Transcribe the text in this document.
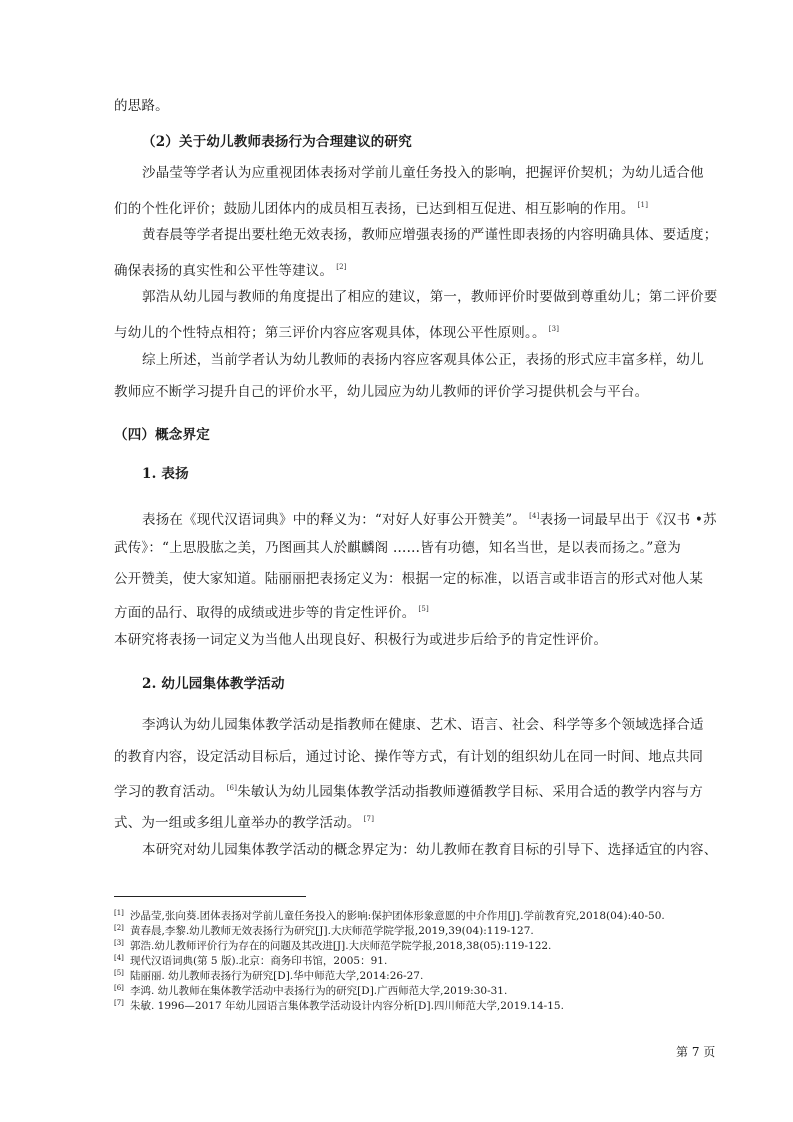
的思路。
（2）关于幼儿教师表扬行为合理建议的研究
沙晶莹等学者认为应重视团体表扬对学前儿童任务投入的影响，把握评价契机；为幼儿适合他
们的个性化评价；鼓励儿团体内的成员相互表扬，已达到相互促进、相互影响的作用。 [1]
黄春晨等学者提出要杜绝无效表扬，教师应增强表扬的严谨性即表扬的内容明确具体、要适度；
确保表扬的真实性和公平性等建议。 [2]
郭浩从幼儿园与教师的角度提出了相应的建议，第一，教师评价时要做到尊重幼儿；第二评价要
与幼儿的个性特点相符；第三评价内容应客观具体，体现公平性原则。。 [3]
综上所述，当前学者认为幼儿教师的表扬内容应客观具体公正，表扬的形式应丰富多样，幼儿
教师应不断学习提升自己的评价水平，幼儿园应为幼儿教师的评价学习提供机会与平台。
（四）概念界定
1. 表扬
表扬在《现代汉语词典》中的释义为：“对好人好事公开赞美”。 [4]表扬一词最早出于《汉书 •苏
武传》：“上思股肱之美，乃图画其人於麒麟阁 ……皆有功德，知名当世，是以表而扬之。”意为
公开赞美，使大家知道。陆丽丽把表扬定义为：根据一定的标准，以语言或非语言的形式对他人某
方面的品行、取得的成绩或进步等的肯定性评价。 [5]
本研究将表扬一词定义为当他人出现良好、积极行为或进步后给予的肯定性评价。
2. 幼儿园集体教学活动
李鸿认为幼儿园集体教学活动是指教师在健康、艺术、语言、社会、科学等多个领域选择合适
的教育内容，设定活动目标后，通过讨论、操作等方式，有计划的组织幼儿在同一时间、地点共同
学习的教育活动。 [6]朱敏认为幼儿园集体教学活动指教师遵循教学目标、采用合适的教学内容与方
式、为一组或多组儿童举办的教学活动。 [7]
本研究对幼儿园集体教学活动的概念界定为：幼儿教师在教育目标的引导下、选择适宜的内容、
[1] 沙晶莹,张向葵.团体表扬对学前儿童任务投入的影响:保护团体形象意愿的中介作用[J].学前教育究,2018(04):40-50.
[2] 黄春晨,李黎.幼儿教师无效表扬行为研究[J].大庆师范学院学报,2019,39(04):119-127.
[3] 郭浩.幼儿教师评价行为存在的问题及其改进[J].大庆师范学院学报,2018,38(05):119-122.
[4] 现代汉语词典(第 5 版).北京：商务印书馆，2005：91.
[5] 陆丽丽. 幼儿教师表扬行为研究[D].华中师范大学,2014:26-27.
[6] 李鸿. 幼儿教师在集体教学活动中表扬行为的研究[D].广西师范大学,2019:30-31.
[7] 朱敏. 1996—2017 年幼儿园语言集体教学活动设计内容分析[D].四川师范大学,2019.14-15.
第 7 页
